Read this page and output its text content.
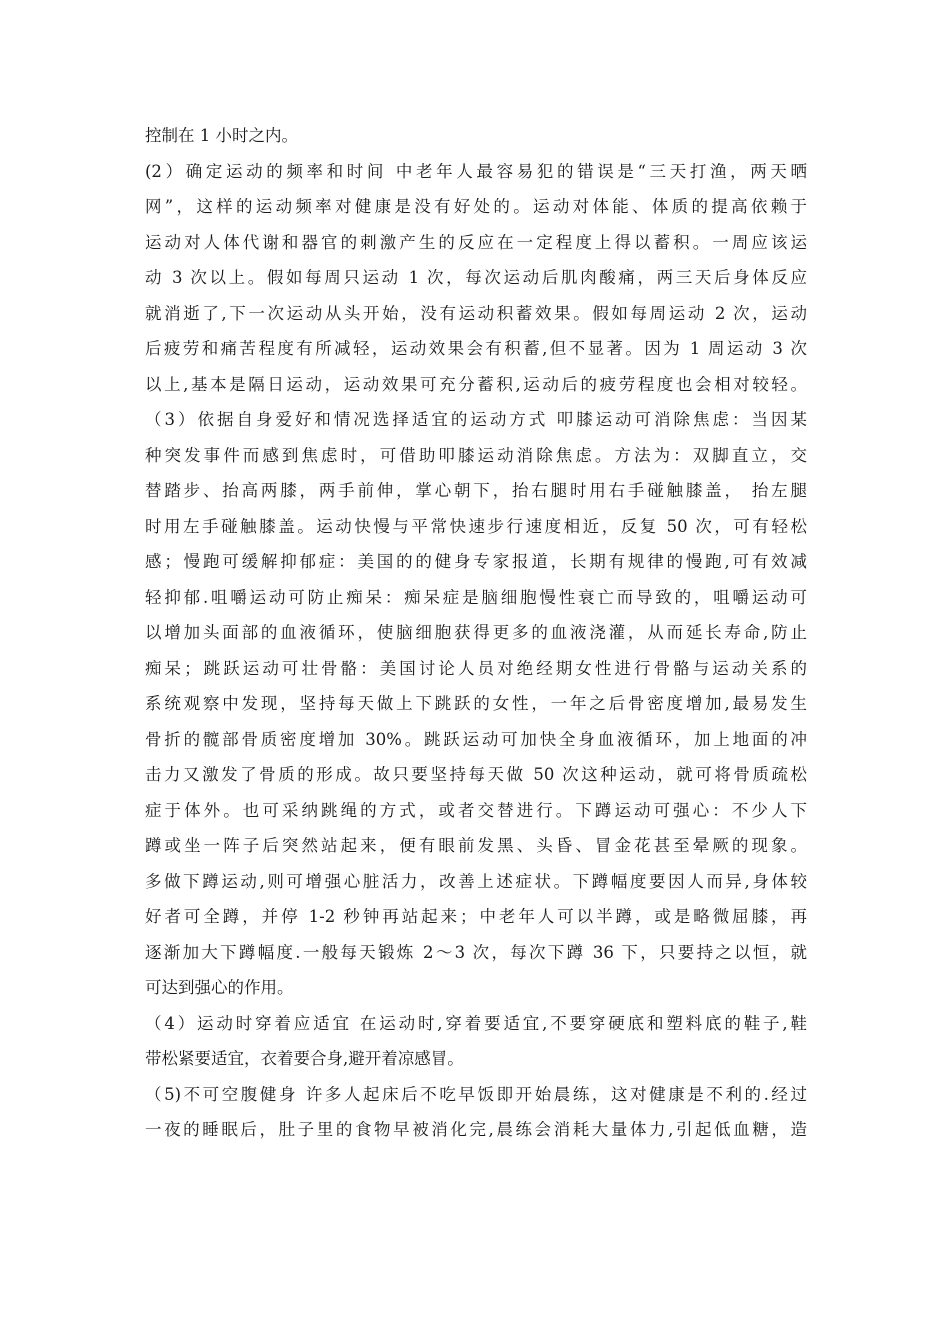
控制在 1 小时之内。
(2）确定运动的频率和时间 中老年人最容易犯的错误是“三天打渔，两天晒
网”，这样的运动频率对健康是没有好处的。运动对体能、体质的提高依赖于
运动对人体代谢和器官的刺激产生的反应在一定程度上得以蓄积。一周应该运
动 3 次以上。假如每周只运动 1 次，每次运动后肌肉酸痛，两三天后身体反应
就消逝了,下一次运动从头开始，没有运动积蓄效果。假如每周运动 2 次，运动
后疲劳和痛苦程度有所减轻，运动效果会有积蓄,但不显著。因为 1 周运动 3 次
以上,基本是隔日运动，运动效果可充分蓄积,运动后的疲劳程度也会相对较轻。
（3）依据自身爱好和情况选择适宜的运动方式 叩膝运动可消除焦虑：当因某
种突发事件而感到焦虑时，可借助叩膝运动消除焦虑。方法为：双脚直立，交
替踏步、抬高两膝，两手前伸，掌心朝下，抬右腿时用右手碰触膝盖， 抬左腿
时用左手碰触膝盖。运动快慢与平常快速步行速度相近，反复 50 次，可有轻松
感；慢跑可缓解抑郁症：美国的的健身专家报道，长期有规律的慢跑,可有效减
轻抑郁.咀嚼运动可防止痴呆：痴呆症是脑细胞慢性衰亡而导致的，咀嚼运动可
以增加头面部的血液循环，使脑细胞获得更多的血液浇灌，从而延长寿命,防止
痴呆；跳跃运动可壮骨骼：美国讨论人员对绝经期女性进行骨骼与运动关系的
系统观察中发现，坚持每天做上下跳跃的女性，一年之后骨密度增加,最易发生
骨折的髋部骨质密度增加 30%。跳跃运动可加快全身血液循环，加上地面的冲
击力又激发了骨质的形成。故只要坚持每天做 50 次这种运动，就可将骨质疏松
症于体外。也可采纳跳绳的方式，或者交替进行。下蹲运动可强心：不少人下
蹲或坐一阵子后突然站起来，便有眼前发黑、头昏、冒金花甚至晕厥的现象。
多做下蹲运动,则可增强心脏活力，改善上述症状。下蹲幅度要因人而异,身体较
好者可全蹲，并停 1-2 秒钟再站起来；中老年人可以半蹲，或是略微屈膝，再
逐渐加大下蹲幅度.一般每天锻炼 2～3 次，每次下蹲 36 下，只要持之以恒，就
可达到强心的作用。
（4）运动时穿着应适宜 在运动时,穿着要适宜,不要穿硬底和塑料底的鞋子,鞋
带松紧要适宜，衣着要合身,避开着凉感冒。
（5)不可空腹健身 许多人起床后不吃早饭即开始晨练，这对健康是不利的.经过
一夜的睡眠后，肚子里的食物早被消化完,晨练会消耗大量体力,引起低血糖，造
